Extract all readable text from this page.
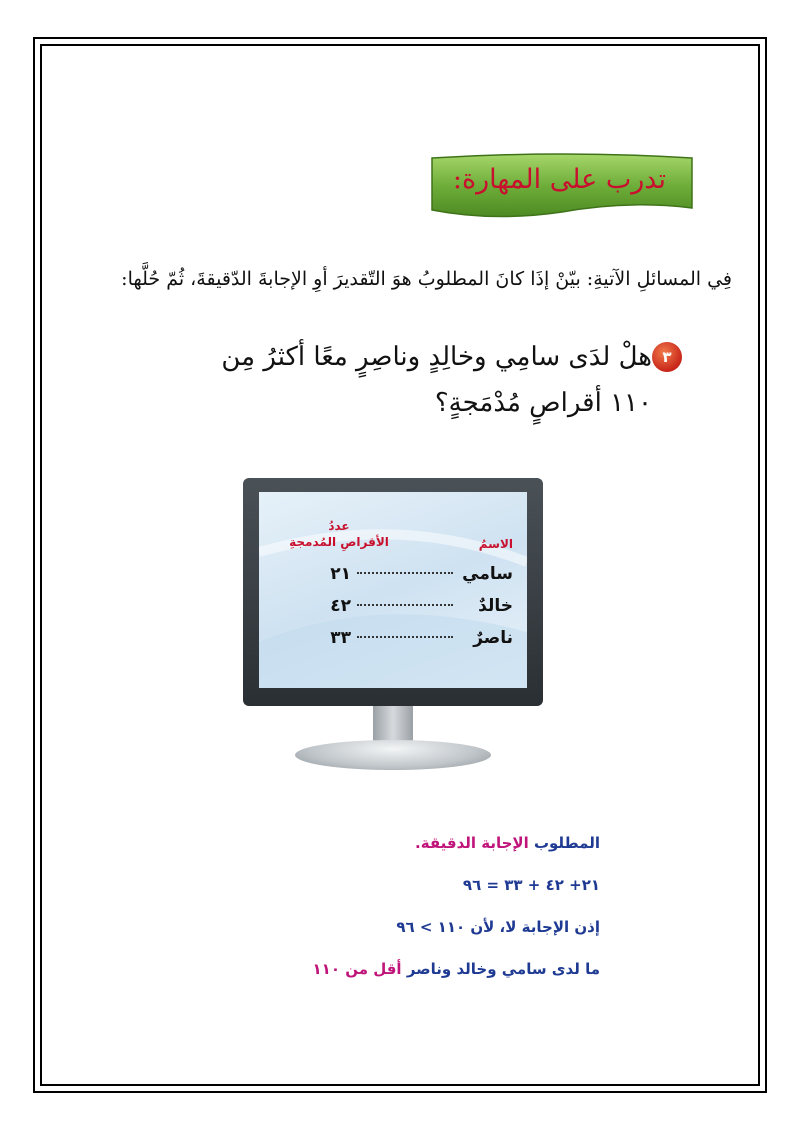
تدرب على المهارة:
فِي المسائلِ الآتيةِ: بيّنْ إذَا كانَ المطلوبُ هوَ التّقديرَ أوِ الإجابةَ الدّقيقةَ، ثُمّ حُلَّها:
٣
هلْ لدَى سامِي وخالِدٍ وناصِرٍ معًا أكثرُ مِن
١١٠ أقراصٍ مُدْمَجةٍ؟
الاسمُ
عددُ
الأقراصِ المُدمجةِ
سامي
٢١
خالدٌ
٤٢
ناصرٌ
٣٣
المطلوب الإجابة الدقيقة.
٢١+ ٤٢ + ٣٣ = ٩٦
إذن الإجابة لا، لأن ١١٠ > ٩٦
ما لدى سامي وخالد وناصر أقل من ١١٠
